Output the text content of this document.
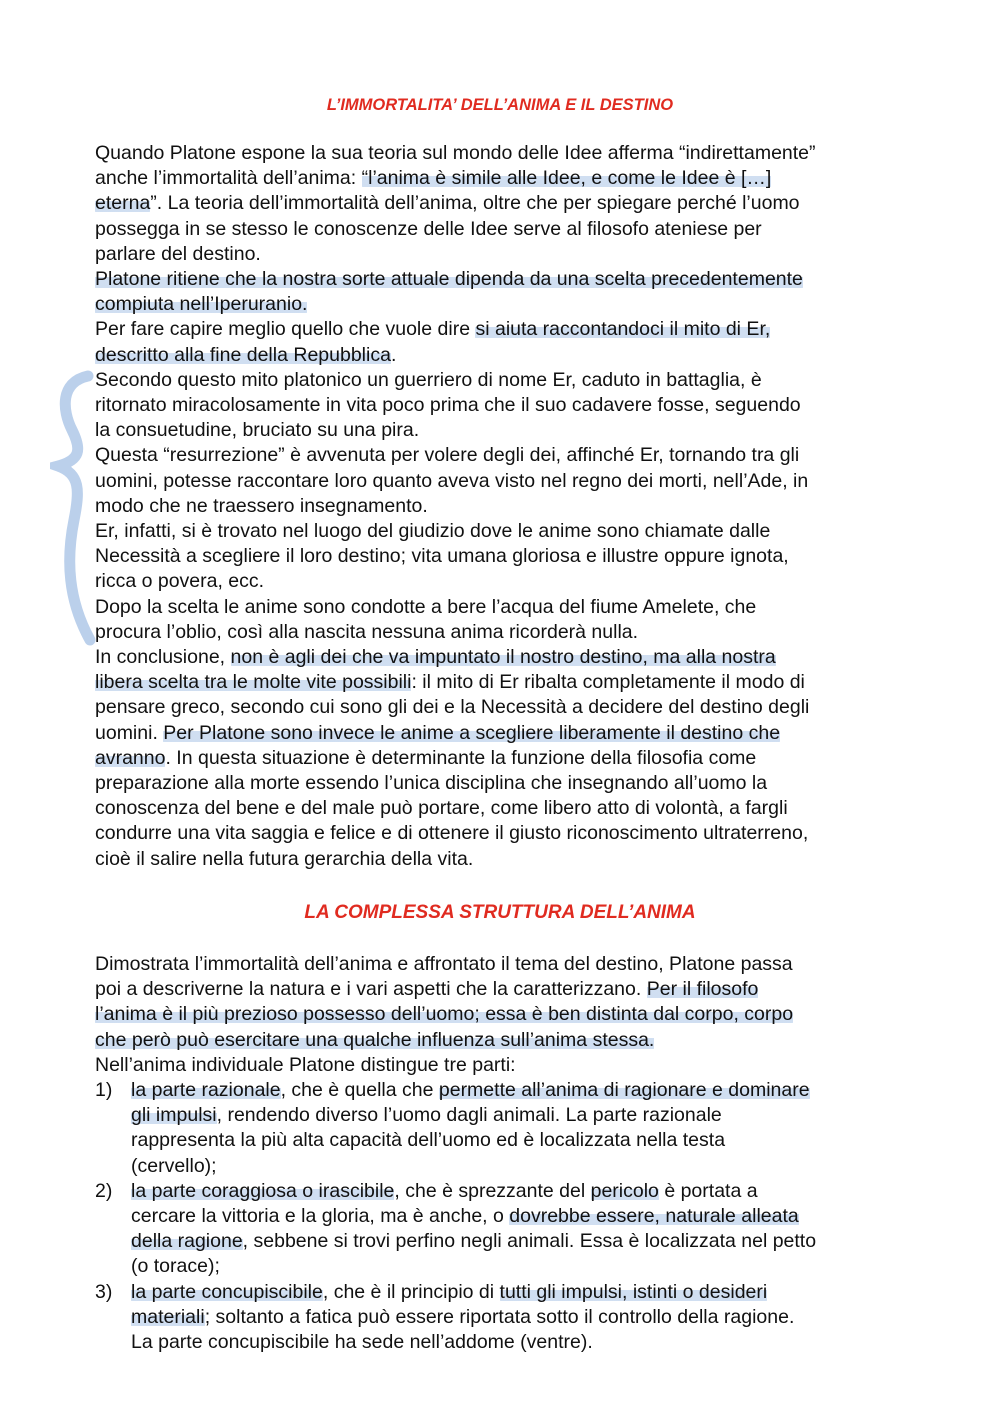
L’IMMORTALITA’ DELL’ANIMA E IL DESTINO
Quando Platone espone la sua teoria sul mondo delle Idee afferma “indirettamente”
anche l’immortalità dell’anima: “l’anima è simile alle Idee, e come le Idee è […]
eterna”. La teoria dell’immortalità dell’anima, oltre che per spiegare perché l’uomo
possegga in se stesso le conoscenze delle Idee serve al filosofo ateniese per
parlare del destino.
Platone ritiene che la nostra sorte attuale dipenda da una scelta precedentemente
compiuta nell’Iperuranio.
Per fare capire meglio quello che vuole dire si aiuta raccontandoci il mito di Er,
descritto alla fine della Repubblica.
Secondo questo mito platonico un guerriero di nome Er, caduto in battaglia, è
ritornato miracolosamente in vita poco prima che il suo cadavere fosse, seguendo
la consuetudine, bruciato su una pira.
Questa “resurrezione” è avvenuta per volere degli dei, affinché Er, tornando tra gli
uomini, potesse raccontare loro quanto aveva visto nel regno dei morti, nell’Ade, in
modo che ne traessero insegnamento.
Er, infatti, si è trovato nel luogo del giudizio dove le anime sono chiamate dalle
Necessità a scegliere il loro destino; vita umana gloriosa e illustre oppure ignota,
ricca o povera, ecc.
Dopo la scelta le anime sono condotte a bere l’acqua del fiume Amelete, che
procura l’oblio, così alla nascita nessuna anima ricorderà nulla.
In conclusione, non è agli dei che va impuntato il nostro destino, ma alla nostra
libera scelta tra le molte vite possibili: il mito di Er ribalta completamente il modo di
pensare greco, secondo cui sono gli dei e la Necessità a decidere del destino degli
uomini. Per Platone sono invece le anime a scegliere liberamente il destino che
avranno. In questa situazione è determinante la funzione della filosofia come
preparazione alla morte essendo l’unica disciplina che insegnando all’uomo la
conoscenza del bene e del male può portare, come libero atto di volontà, a fargli
condurre una vita saggia e felice e di ottenere il giusto riconoscimento ultraterreno,
cioè il salire nella futura gerarchia della vita.
LA COMPLESSA STRUTTURA DELL’ANIMA
Dimostrata l’immortalità dell’anima e affrontato il tema del destino, Platone passa
poi a descriverne la natura e i vari aspetti che la caratterizzano. Per il filosofo
l’anima è il più prezioso possesso dell’uomo; essa è ben distinta dal corpo, corpo
che però può esercitare una qualche influenza sull’anima stessa.
Nell’anima individuale Platone distingue tre parti:
1) la parte razionale, che è quella che permette all’anima di ragionare e dominare
gli impulsi, rendendo diverso l’uomo dagli animali. La parte razionale
rappresenta la più alta capacità dell’uomo ed è localizzata nella testa
(cervello);
2) la parte coraggiosa o irascibile, che è sprezzante del pericolo è portata a
cercare la vittoria e la gloria, ma è anche, o dovrebbe essere, naturale alleata
della ragione, sebbene si trovi perfino negli animali. Essa è localizzata nel petto
(o torace);
3) la parte concupiscibile, che è il principio di tutti gli impulsi, istinti o desideri
materiali; soltanto a fatica può essere riportata sotto il controllo della ragione.
La parte concupiscibile ha sede nell’addome (ventre).
